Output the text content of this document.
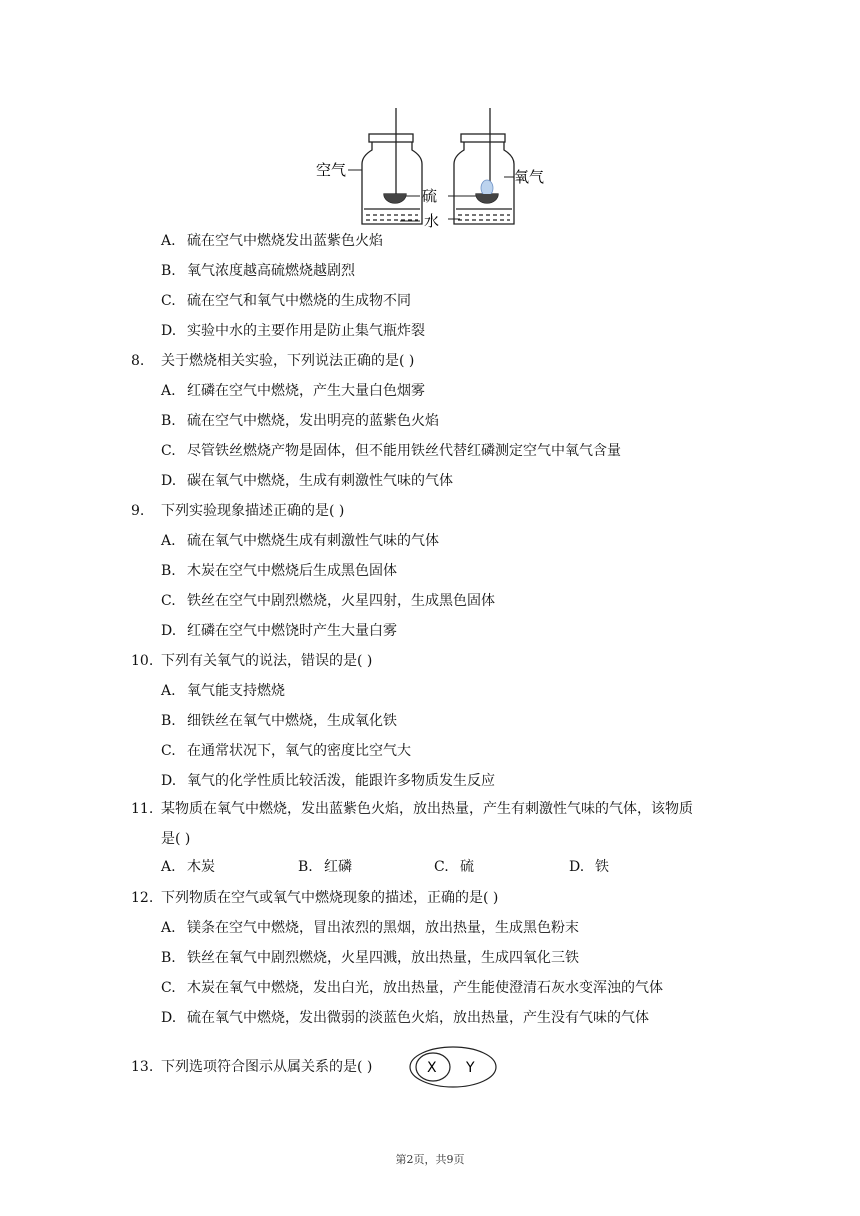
空气
硫
水
氧气
A. 硫在空气中燃烧发出蓝紫色火焰
B. 氧气浓度越高硫燃烧越剧烈
C. 硫在空气和氧气中燃烧的生成物不同
D. 实验中水的主要作用是防止集气瓶炸裂
8. 关于燃烧相关实验，下列说法正确的是( )
A. 红磷在空气中燃烧，产生大量白色烟雾
B. 硫在空气中燃烧，发出明亮的蓝紫色火焰
C. 尽管铁丝燃烧产物是固体，但不能用铁丝代替红磷测定空气中氧气含量
D. 碳在氧气中燃烧，生成有刺激性气味的气体
9. 下列实验现象描述正确的是( )
A. 硫在氧气中燃烧生成有刺激性气味的气体
B. 木炭在空气中燃烧后生成黑色固体
C. 铁丝在空气中剧烈燃烧，火星四射，生成黑色固体
D. 红磷在空气中燃饶时产生大量白雾
10. 下列有关氧气的说法，错误的是( )
A. 氧气能支持燃烧
B. 细铁丝在氧气中燃烧，生成氧化铁
C. 在通常状况下，氧气的密度比空气大
D. 氧气的化学性质比较活泼，能跟许多物质发生反应
11. 某物质在氧气中燃烧，发出蓝紫色火焰，放出热量，产生有刺激性气味的气体，该物质
是( )
A. 木炭	B. 红磷	C. 硫	D. 铁
12. 下列物质在空气或氧气中燃烧现象的描述，正确的是( )
A. 镁条在空气中燃烧，冒出浓烈的黑烟，放出热量，生成黑色粉末
B. 铁丝在氧气中剧烈燃烧，火星四溅，放出热量，生成四氧化三铁
C. 木炭在氧气中燃烧，发出白光，放出热量，产生能使澄清石灰水变浑浊的气体
D. 硫在氧气中燃烧，发出微弱的淡蓝色火焰，放出热量，产生没有气味的气体
13. 下列选项符合图示从属关系的是( )	X Y
第2页，共9页
